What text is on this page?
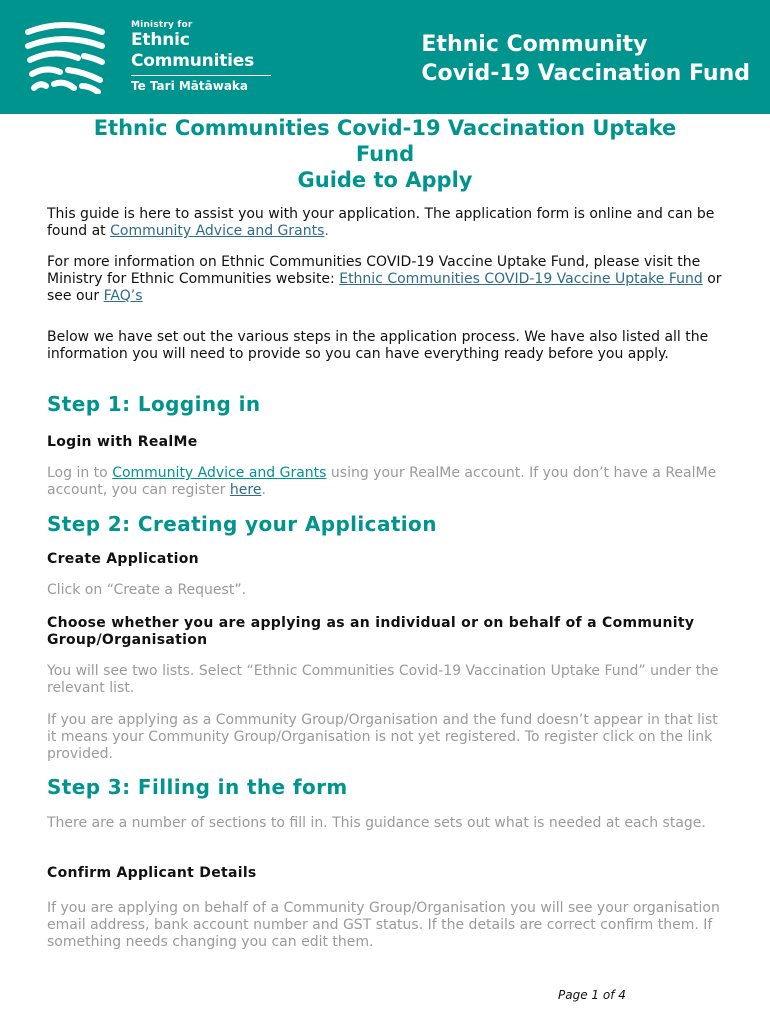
Ministry for
Ethnic
Communities
Te Tari Mātāwaka
Ethnic Community
Covid-19 Vaccination Fund
Ethnic Communities Covid-19 Vaccination Uptake
Fund
Guide to Apply
This guide is here to assist you with your application. The application form is online and can be found at Community Advice and Grants.
For more information on Ethnic Communities COVID-19 Vaccine Uptake Fund, please visit the Ministry for Ethnic Communities website: Ethnic Communities COVID-19 Vaccine Uptake Fund or see our FAQ’s
Below we have set out the various steps in the application process. We have also listed all the information you will need to provide so you can have everything ready before you apply.
Step 1: Logging in
Login with RealMe
Log in to Community Advice and Grants using your RealMe account. If you don’t have a RealMe account, you can register here.
Step 2: Creating your Application
Create Application
Click on “Create a Request”.
Choose whether you are applying as an individual or on behalf of a Community Group/Organisation
You will see two lists. Select “Ethnic Communities Covid-19 Vaccination Uptake Fund” under the relevant list.
If you are applying as a Community Group/Organisation and the fund doesn’t appear in that list it means your Community Group/Organisation is not yet registered. To register click on the link provided.
Step 3: Filling in the form
There are a number of sections to fill in. This guidance sets out what is needed at each stage.
Confirm Applicant Details
If you are applying on behalf of a Community Group/Organisation you will see your organisation email address, bank account number and GST status. If the details are correct confirm them. If something needs changing you can edit them.
Page 1 of 4
